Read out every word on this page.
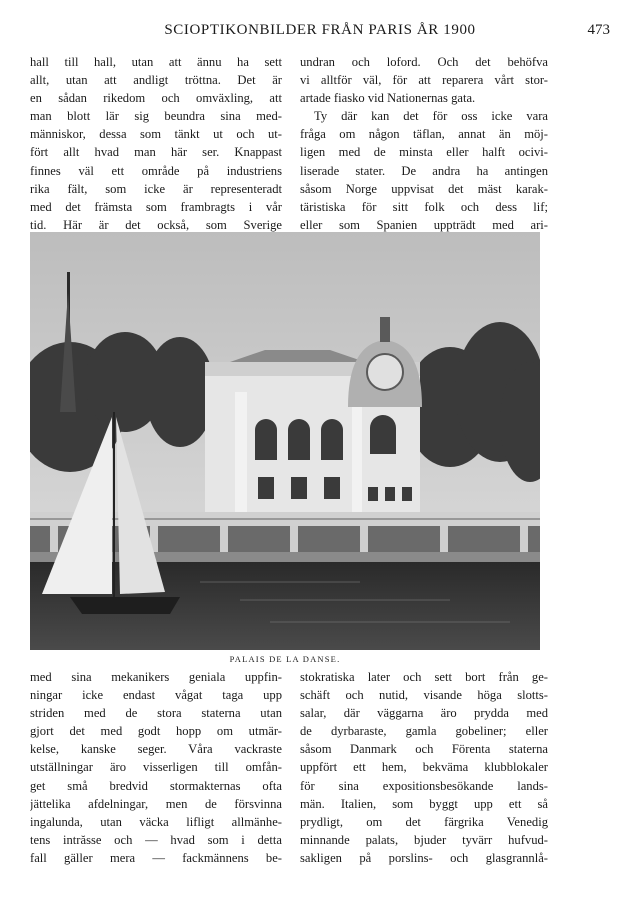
SCIOPTIKONBILDER FRÅN PARIS ÅR 1900	473
hall till hall, utan att ännu ha sett
allt, utan att andligt tröttna. Det är
en sådan rikedom och omväxling, att
man blott lär sig beundra sina med-
människor, dessa som tänkt ut och ut-
fört allt hvad man här ser. Knappast
finnes väl ett område på industriens
rika fält, som icke är representeradt
med det främsta som frambragts i vår
tid. Här är det också, som Sverige
undran och loford. Och det behöfva
vi alltför väl, för att reparera vårt stor-
artade fiasko vid Nationernas gata.
Ty där kan det för oss icke vara
fråga om någon täflan, annat än möj-
ligen med de minsta eller halft ocivi-
liserade stater. De andra ha antingen
såsom Norge uppvisat det mäst karak-
täristiska för sitt folk och dess lif;
eller som Spanien uppträdt med ari-
PALAIS DE LA DANSE.
med sina mekanikers geniala uppfin-
ningar icke endast vågat taga upp
striden med de stora staterna utan
gjort det med godt hopp om utmär-
kelse, kanske seger. Våra vackraste
utställningar äro visserligen till omfån-
get små bredvid stormakternas ofta
jättelika afdelningar, men de försvinna
ingalunda, utan väcka lifligt allmänhe-
tens intrăsse och — hvad som i detta
fall gäller mera — fackmännens be-
stokratiska later och sett bort från ge-
schäft och nutid, visande höga slotts-
salar, där väggarna äro prydda med
de dyrbaraste, gamla gobeliner; eller
såsom Danmark och Förenta staterna
uppfört ett hem, bekväma klubblokaler
för sina expositionsbesökande lands-
män. Italien, som byggt upp ett så
prydligt, om det färgrika Venedig
minnande palats, bjuder tyvärr hufvud-
sakligen på porslins- och glasgrannlå-
